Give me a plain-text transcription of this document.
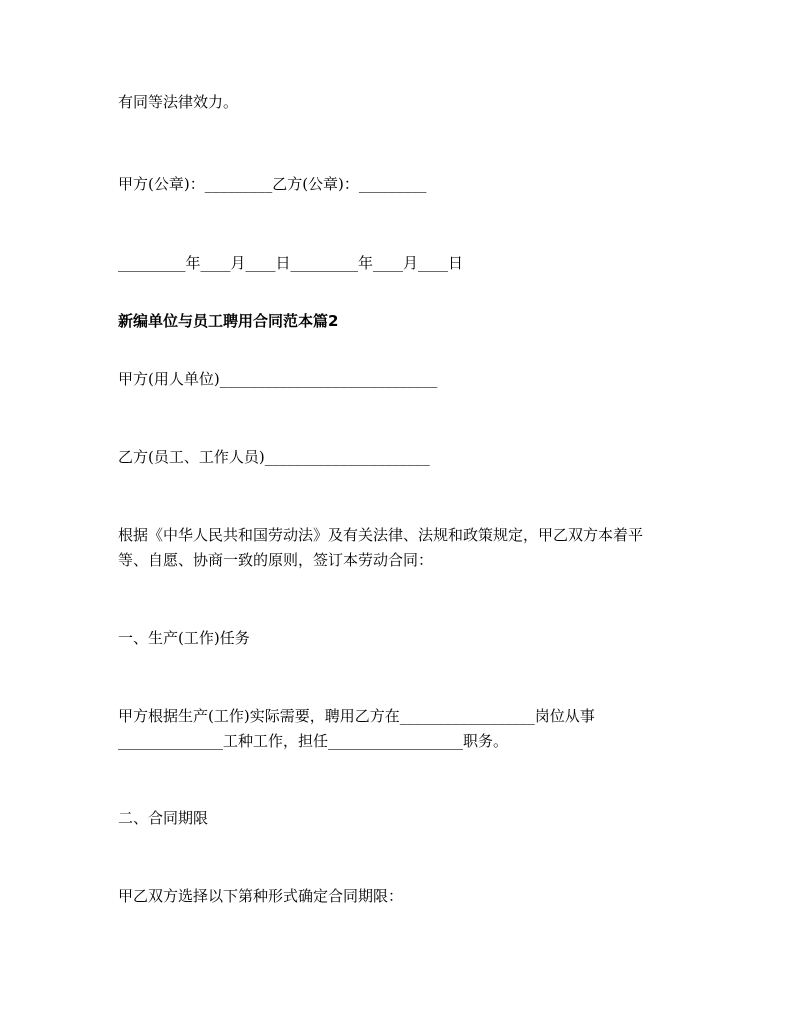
有同等法律效力。

甲方(公章)：_________乙方(公章)：_________

_________年____月____日_________年____月____日

新编单位与员工聘用合同范本篇2

甲方(用人单位)_____________________________

乙方(员工、工作人员)______________________

根据《中华人民共和国劳动法》及有关法律、法规和政策规定，甲乙双方本着平

等、自愿、协商一致的原则，签订本劳动合同：

一、生产(工作)任务

甲方根据生产(工作)实际需要，聘用乙方在__________________岗位从事

______________工种工作，担任__________________职务。

二、合同期限

甲乙双方选择以下第种形式确定合同期限：
